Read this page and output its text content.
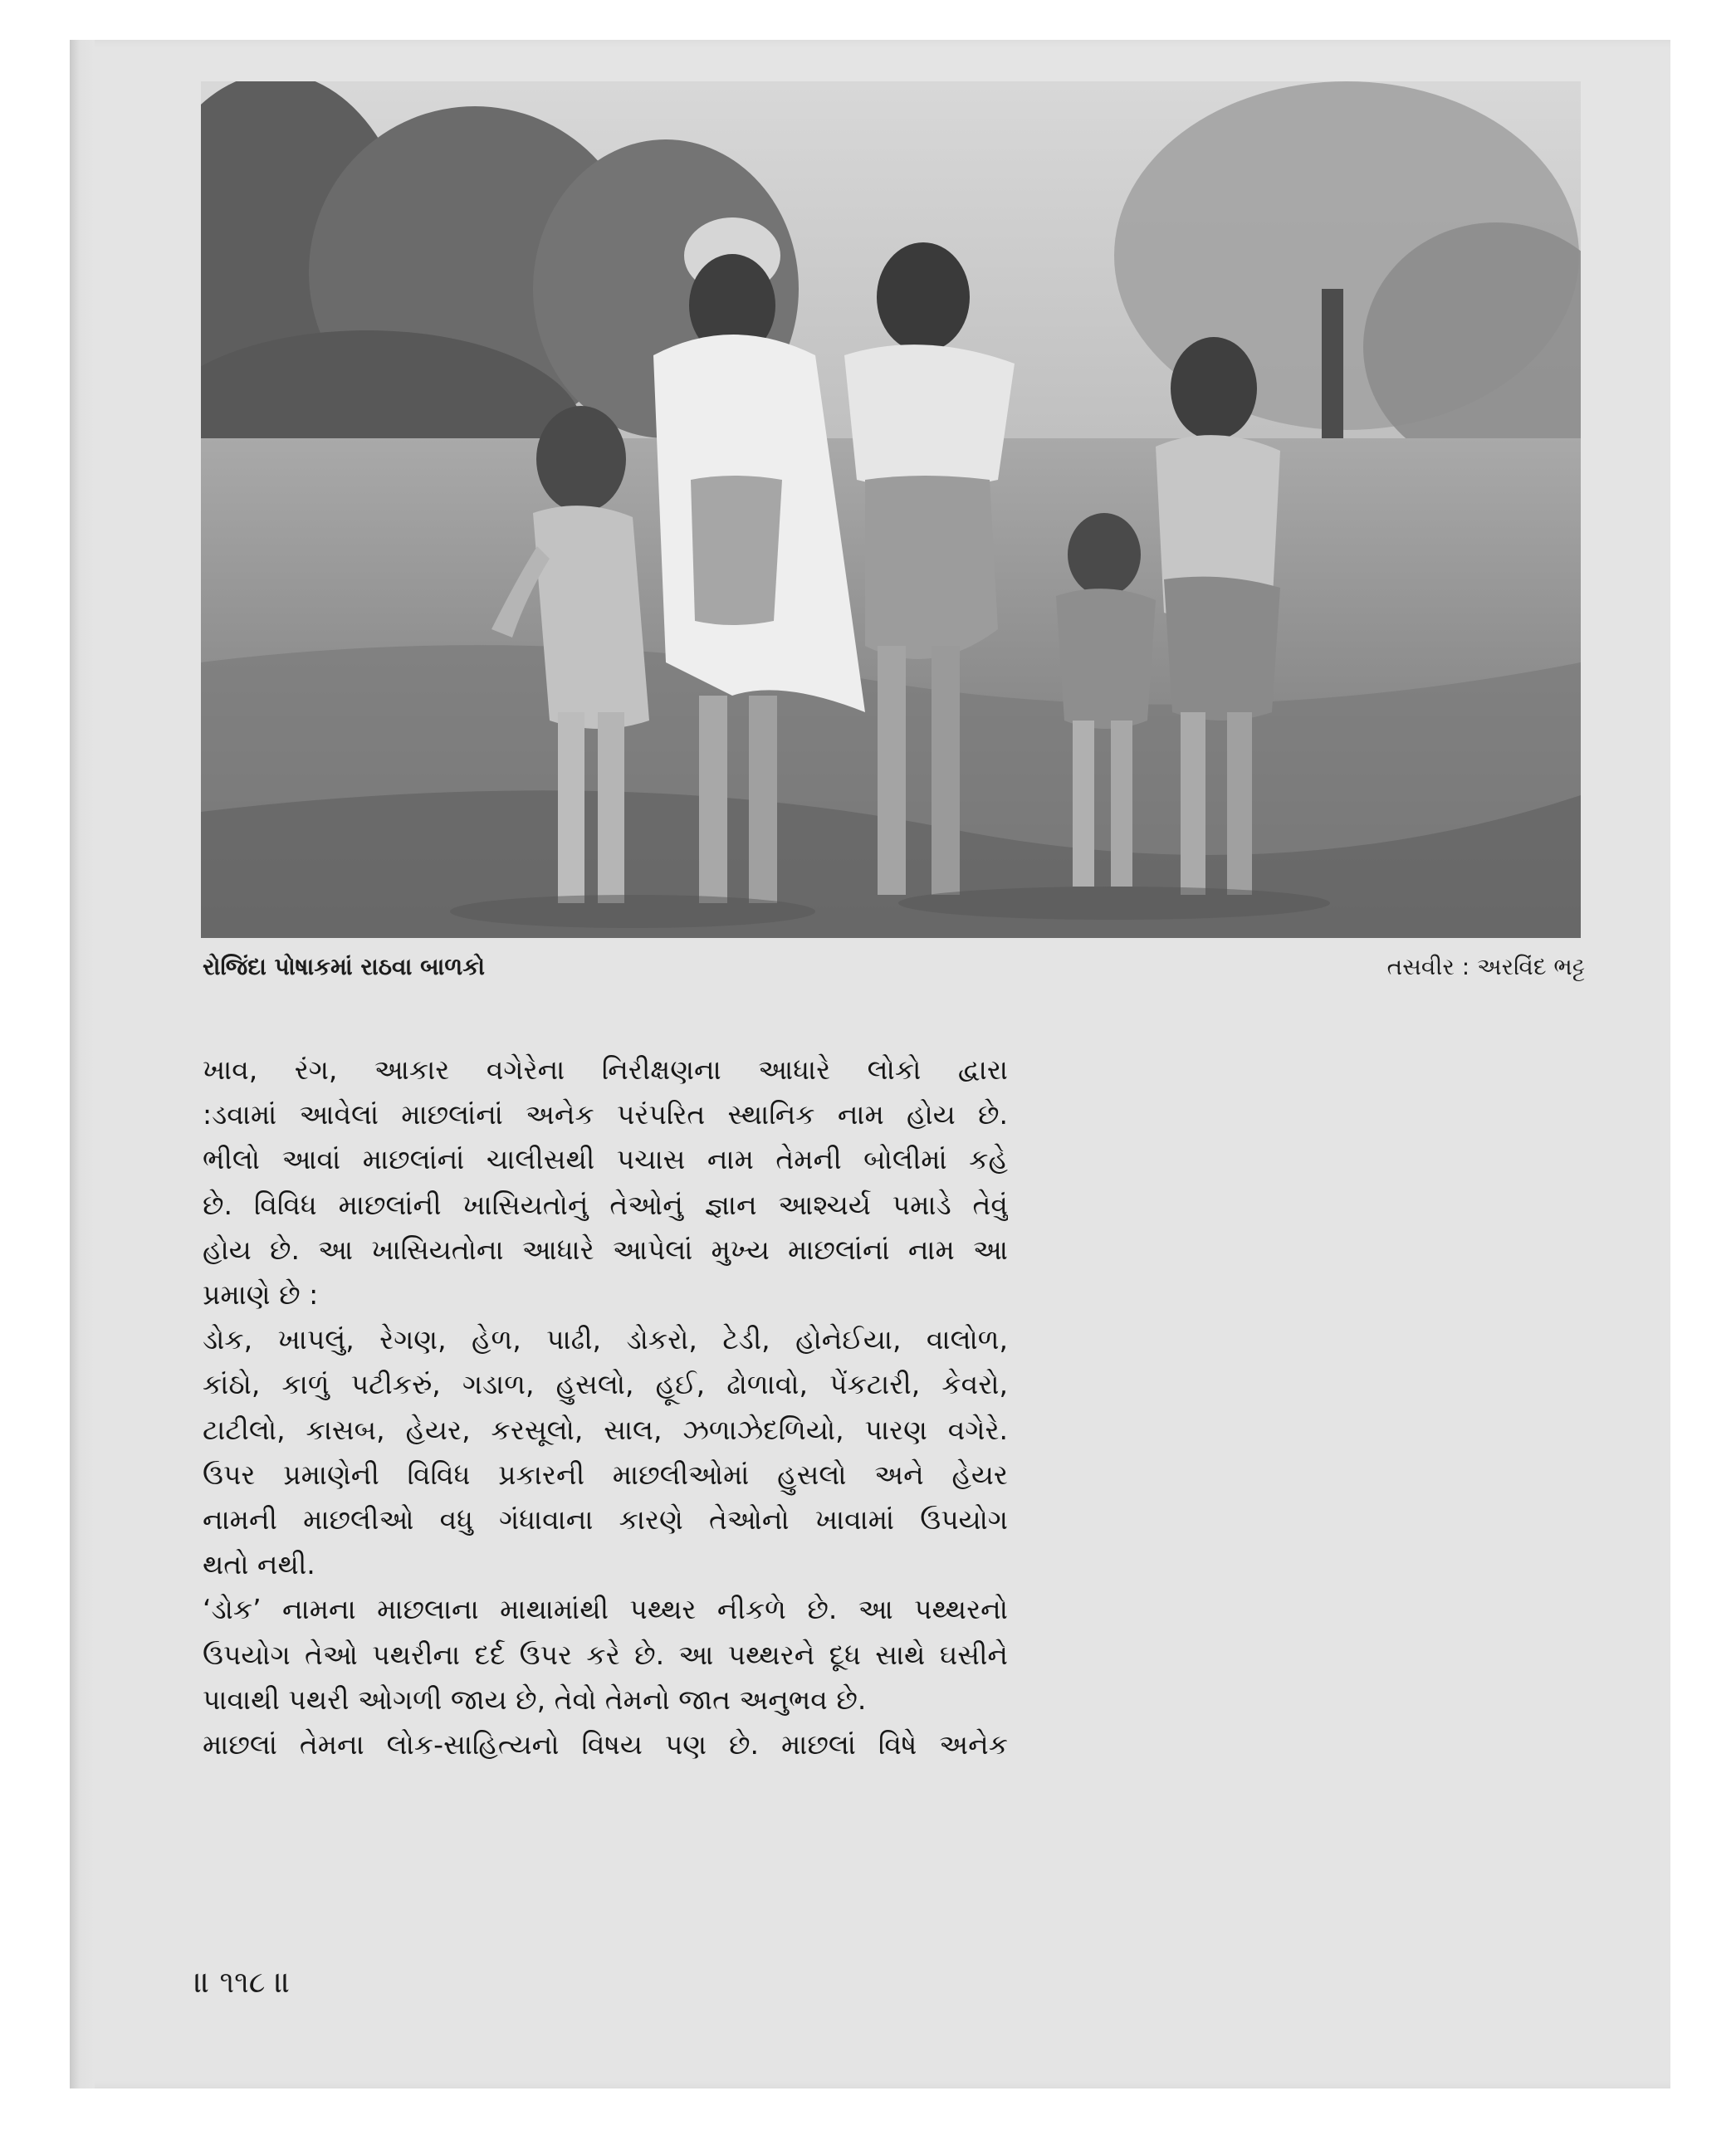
રોજિંદા પોષાકમાં રાઠવા બાળકો	તસવીર : અરવિંદ ભટ્ટ
ખાવ, રંગ, આકાર વગેરેના નિરીક્ષણના આધારે લોકો દ્વારા
:ડવામાં આવેલાં માછલાંનાં અનેક પરંપરિત સ્થાનિક નામ હોય છે.
ભીલો આવાં માછલાંનાં ચાલીસથી પચાસ નામ તેમની બોલીમાં કહે
છે. વિવિધ માછલાંની ખાસિયતોનું તેઓનું જ્ઞાન આશ્ચર્ય પમાડે તેવું
હોય છે. આ ખાસિયતોના આધારે આપેલાં મુખ્ય માછલાંનાં નામ આ
પ્રમાણે છે :
ડોક, ખાપલું, રેગણ, હેળ, પાઢી, ડોકરો, ટેડી, હોનેઈયા, વાલોળ,
કાંઠો, કાળું પટીકરું, ગડાળ, હુસલો, હૂઈ, ઢોળાવો, પેંકટારી, કેવરો,
ટાટીલો, કાસબ, હેયર, કરસૂલો, સાલ, ઝળાઝેદળિયો, પારણ વગેરે.
ઉપર પ્રમાણેની વિવિધ પ્રકારની માછલીઓમાં હુસલો અને હેયર
નામની માછલીઓ વધુ ગંધાવાના કારણે તેઓનો ખાવામાં ઉપયોગ
થતો નથી.
‘ડોક’ નામના માછલાના માથામાંથી પથ્થર નીકળે છે. આ પથ્થરનો
ઉપયોગ તેઓ પથરીના દર્દ ઉપર કરે છે. આ પથ્થરને દૂધ સાથે ઘસીને
પાવાથી પથરી ઓગળી જાય છે, તેવો તેમનો જાત અનુભવ છે.
માછલાં તેમના લોક-સાહિત્યનો વિષય પણ છે. માછલાં વિષે અનેક
॥ ૧૧૮ ॥
